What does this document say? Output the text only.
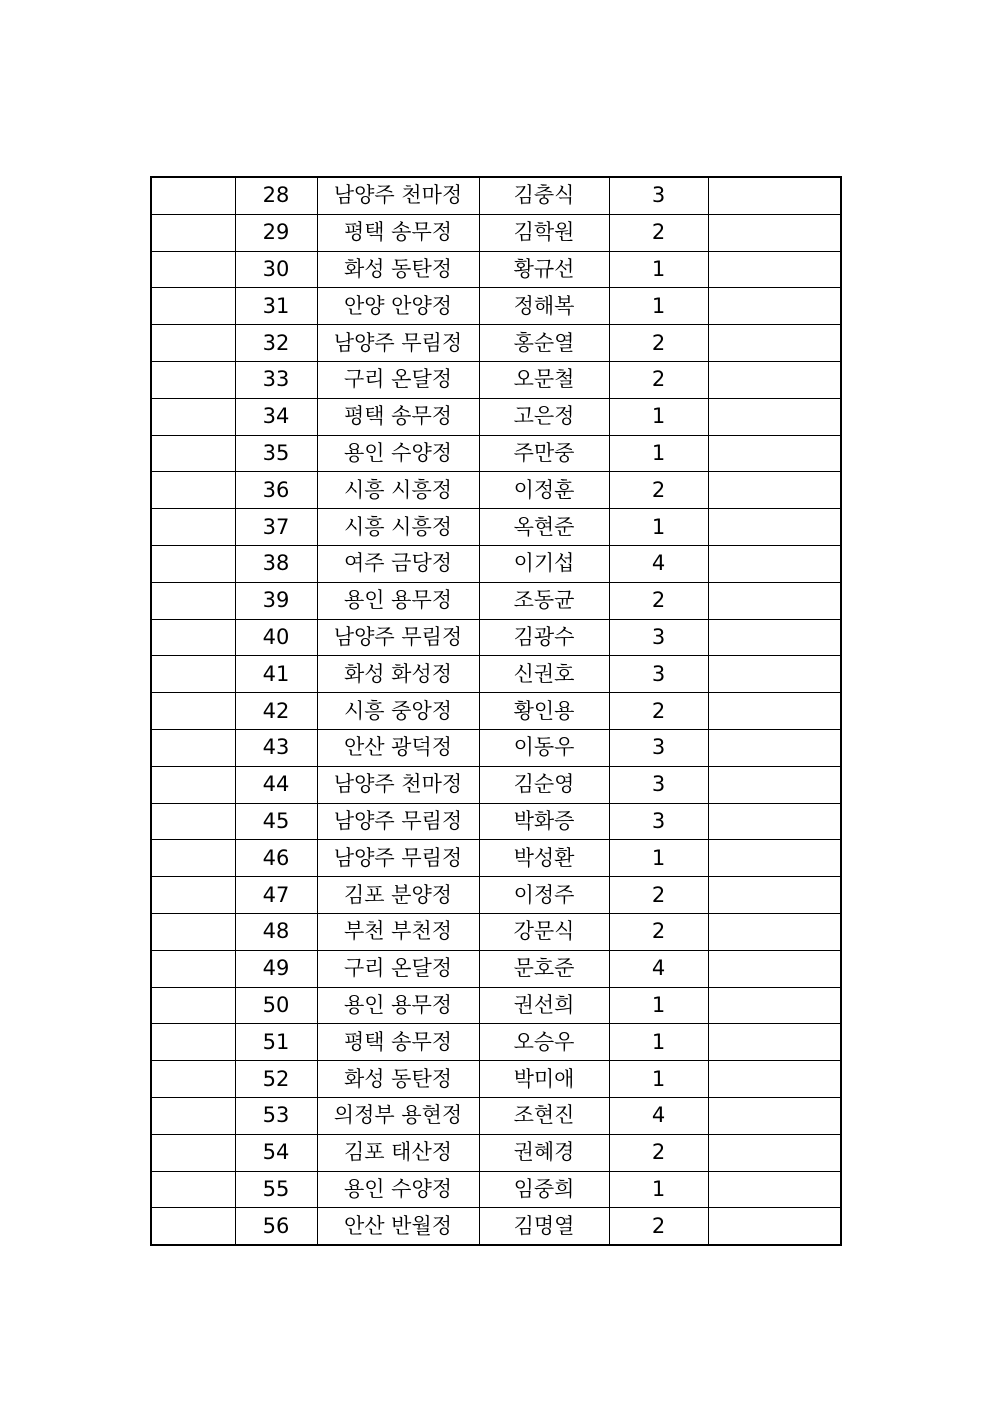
	28	남양주 천마정	김충식	3	
	29	평택 송무정	김학원	2	
	30	화성 동탄정	황규선	1	
	31	안양 안양정	정해복	1	
	32	남양주 무림정	홍순열	2	
	33	구리 온달정	오문철	2	
	34	평택 송무정	고은정	1	
	35	용인 수양정	주만중	1	
	36	시흥 시흥정	이정훈	2	
	37	시흥 시흥정	옥현준	1	
	38	여주 금당정	이기섭	4	
	39	용인 용무정	조동균	2	
	40	남양주 무림정	김광수	3	
	41	화성 화성정	신권호	3	
	42	시흥 중앙정	황인용	2	
	43	안산 광덕정	이동우	3	
	44	남양주 천마정	김순영	3	
	45	남양주 무림정	박화증	3	
	46	남양주 무림정	박성환	1	
	47	김포 분양정	이정주	2	
	48	부천 부천정	강문식	2	
	49	구리 온달정	문호준	4	
	50	용인 용무정	권선희	1	
	51	평택 송무정	오승우	1	
	52	화성 동탄정	박미애	1	
	53	의정부 용현정	조현진	4	
	54	김포 태산정	권혜경	2	
	55	용인 수양정	임중희	1	
	56	안산 반월정	김명열	2	
